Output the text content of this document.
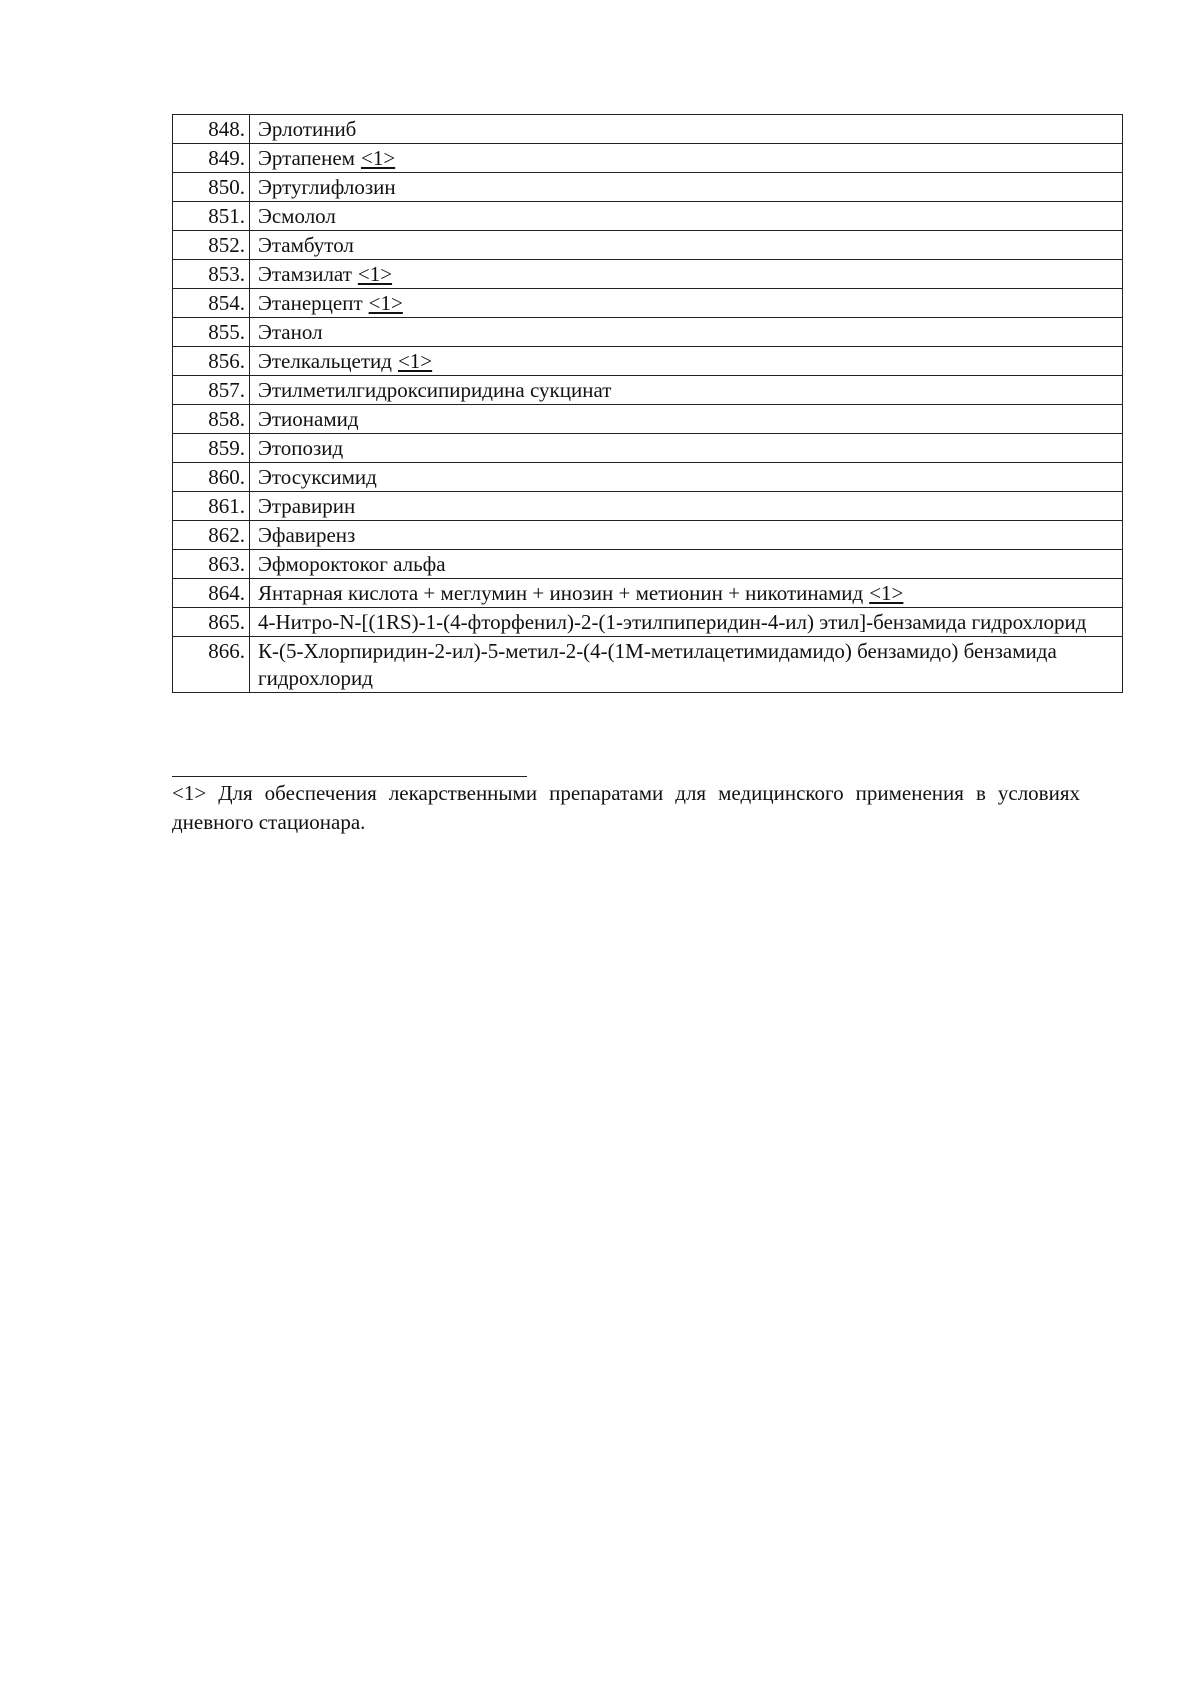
848.	Эрлотиниб
849.	Эртапенем <1>
850.	Эртуглифлозин
851.	Эсмолол
852.	Этамбутол
853.	Этамзилат <1>
854.	Этанерцепт <1>
855.	Этанол
856.	Этелкальцетид <1>
857.	Этилметилгидроксипиридина сукцинат
858.	Этионамид
859.	Этопозид
860.	Этосуксимид
861.	Этравирин
862.	Эфавиренз
863.	Эфмороктоког альфа
864.	Янтарная кислота + меглумин + инозин + метионин + никотинамид <1>
865.	4-Нитро-N-[(1RS)-1-(4-фторфенил)-2-(1-этилпиперидин-4-ил) этил]-бензамида гидрохлорид
866.	К-(5-Хлорпиридин-2-ил)-5-метил-2-(4-(1М-метилацетимидамидо) бензамидо) бензамида гидрохлорид
<1> Для обеспечения лекарственными препаратами для медицинского применения в условиях дневного стационара.
